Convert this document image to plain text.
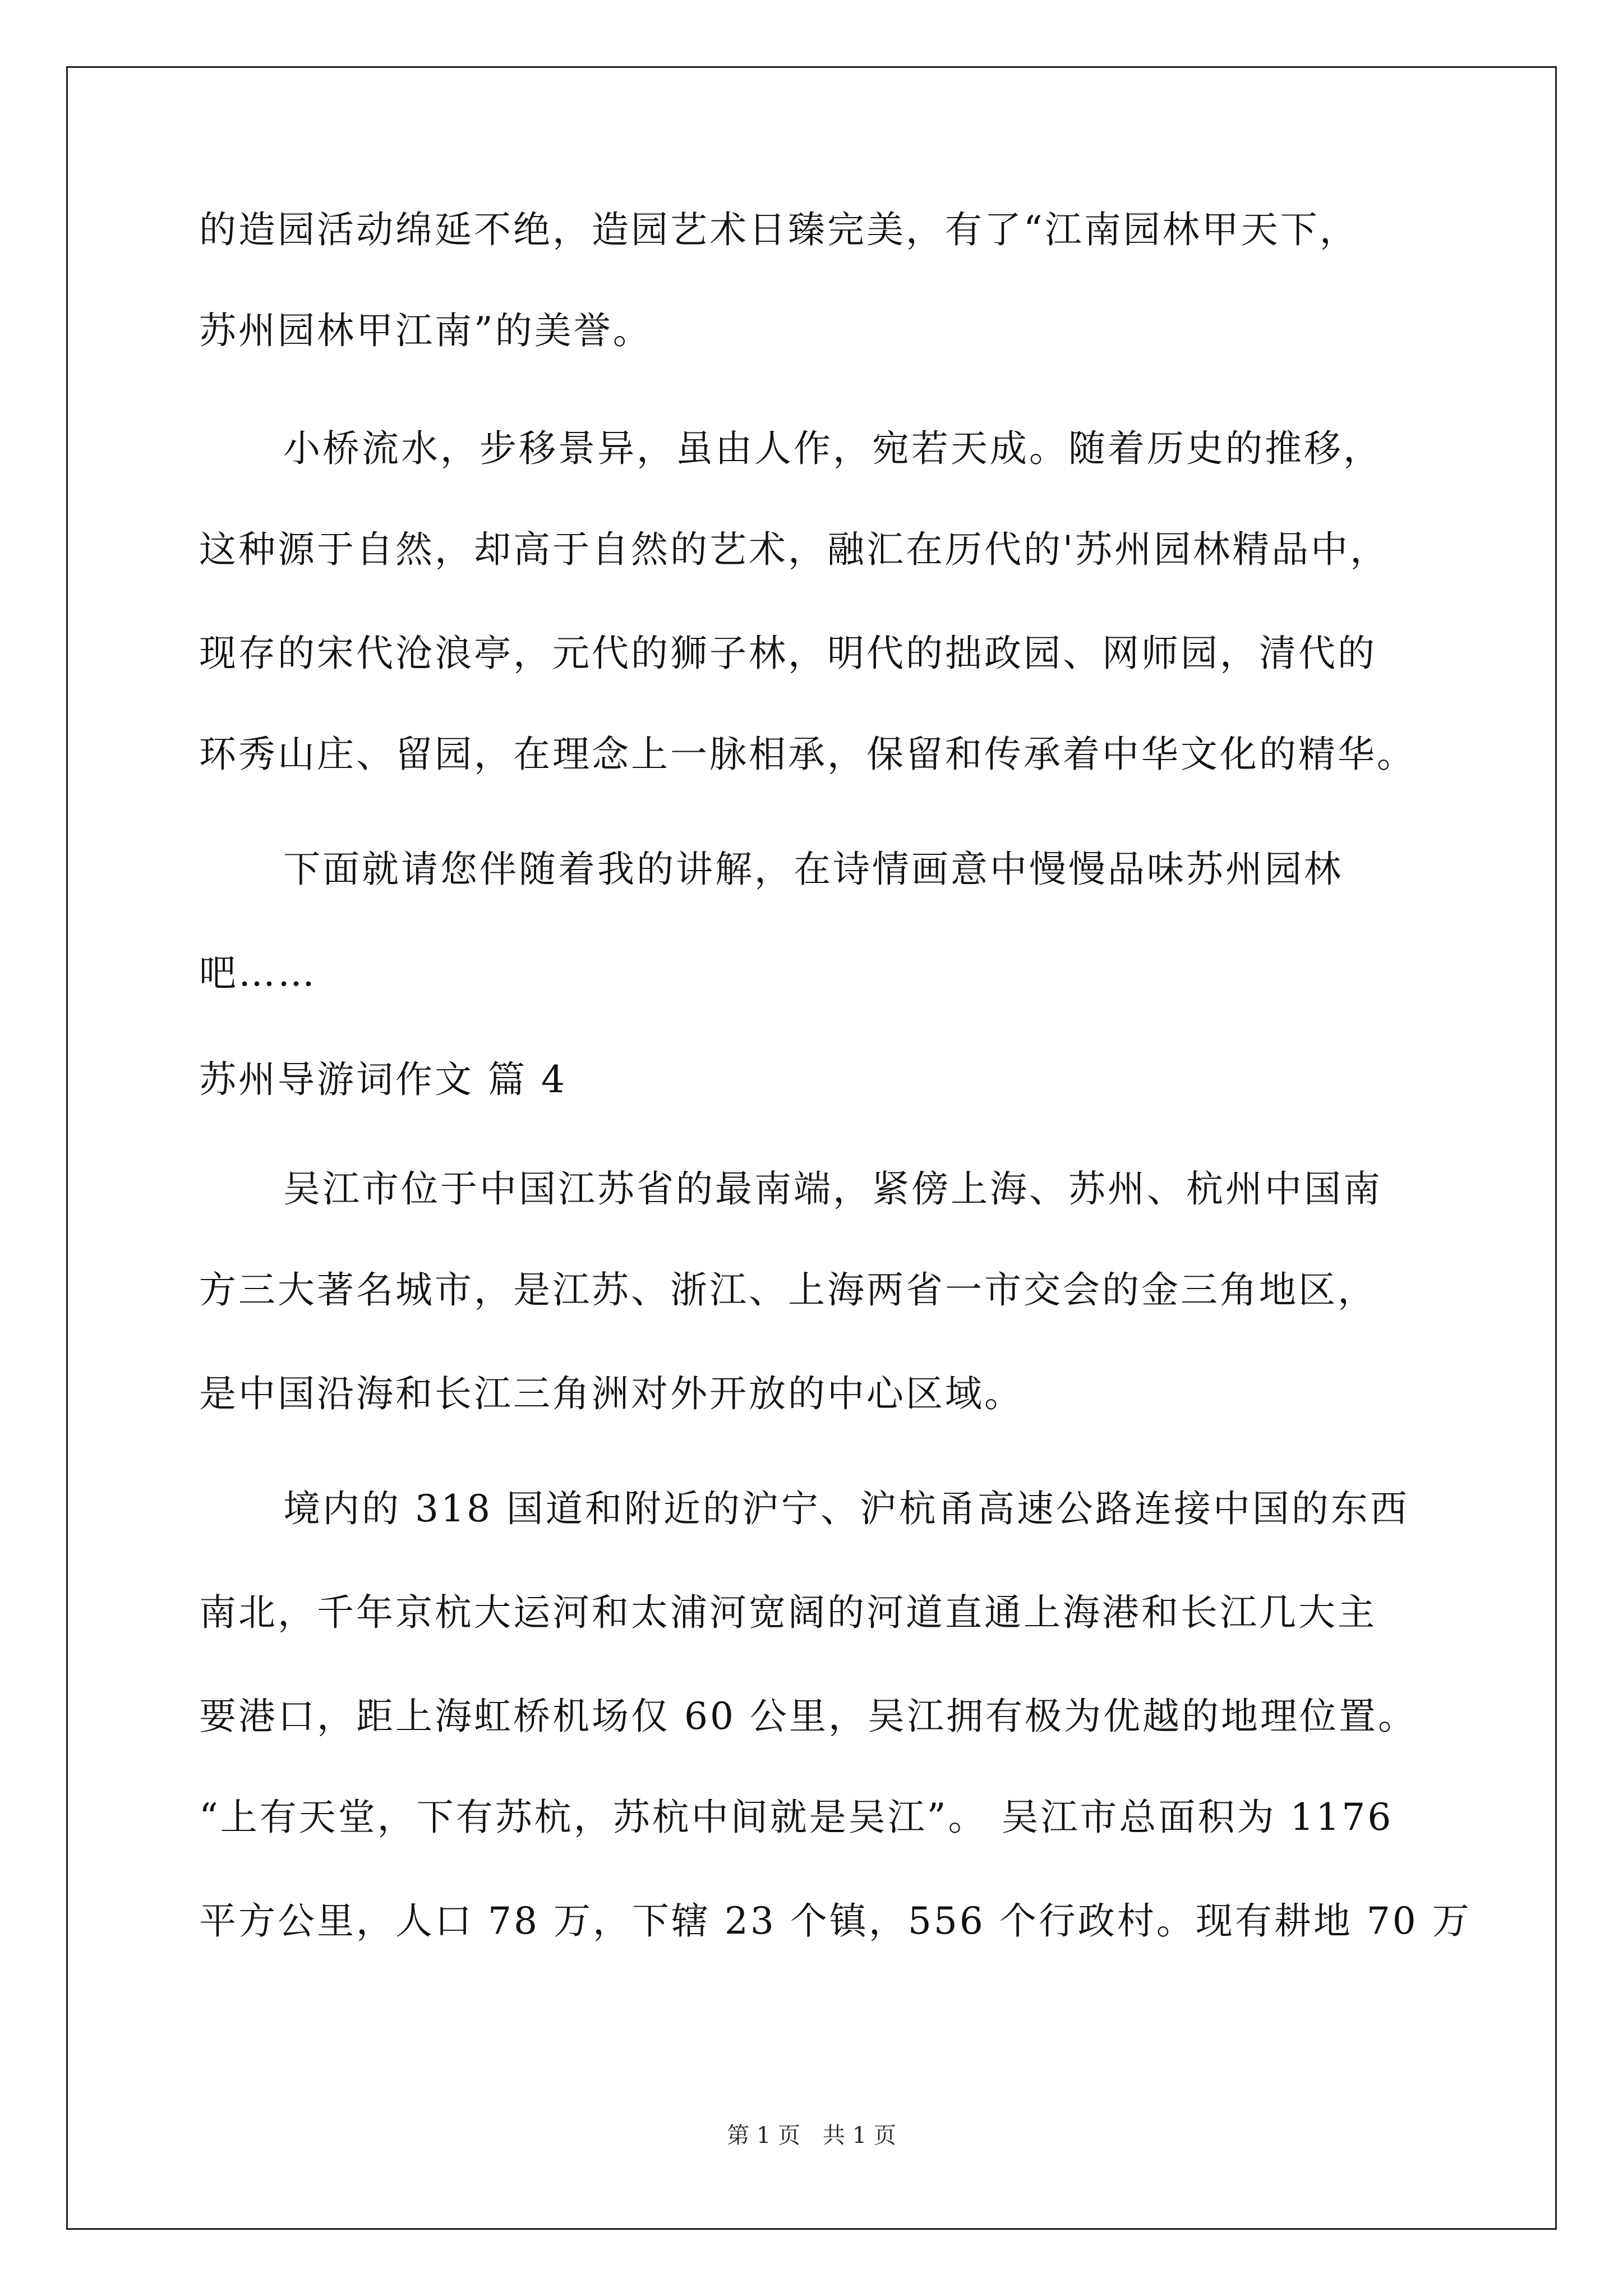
的造园活动绵延不绝，造园艺术日臻完美，有了“江南园林甲天下，
苏州园林甲江南”的美誉。
小桥流水，步移景异，虽由人作，宛若天成。随着历史的推移，
这种源于自然，却高于自然的艺术，融汇在历代的'苏州园林精品中，
现存的宋代沧浪亭，元代的狮子林，明代的拙政园、网师园，清代的
环秀山庄、留园，在理念上一脉相承，保留和传承着中华文化的精华。
下面就请您伴随着我的讲解，在诗情画意中慢慢品味苏州园林
吧……
苏州导游词作文 篇 4
吴江市位于中国江苏省的最南端，紧傍上海、苏州、杭州中国南
方三大著名城市，是江苏、浙江、上海两省一市交会的金三角地区，
是中国沿海和长江三角洲对外开放的中心区域。
境内的 318 国道和附近的沪宁、沪杭甬高速公路连接中国的东西
南北，千年京杭大运河和太浦河宽阔的河道直通上海港和长江几大主
要港口，距上海虹桥机场仅 60 公里，吴江拥有极为优越的地理位置。
“上有天堂，下有苏杭，苏杭中间就是吴江”。 吴江市总面积为 1176
平方公里，人口 78 万，下辖 23 个镇，556 个行政村。现有耕地 70 万
第 1 页　共 1 页
